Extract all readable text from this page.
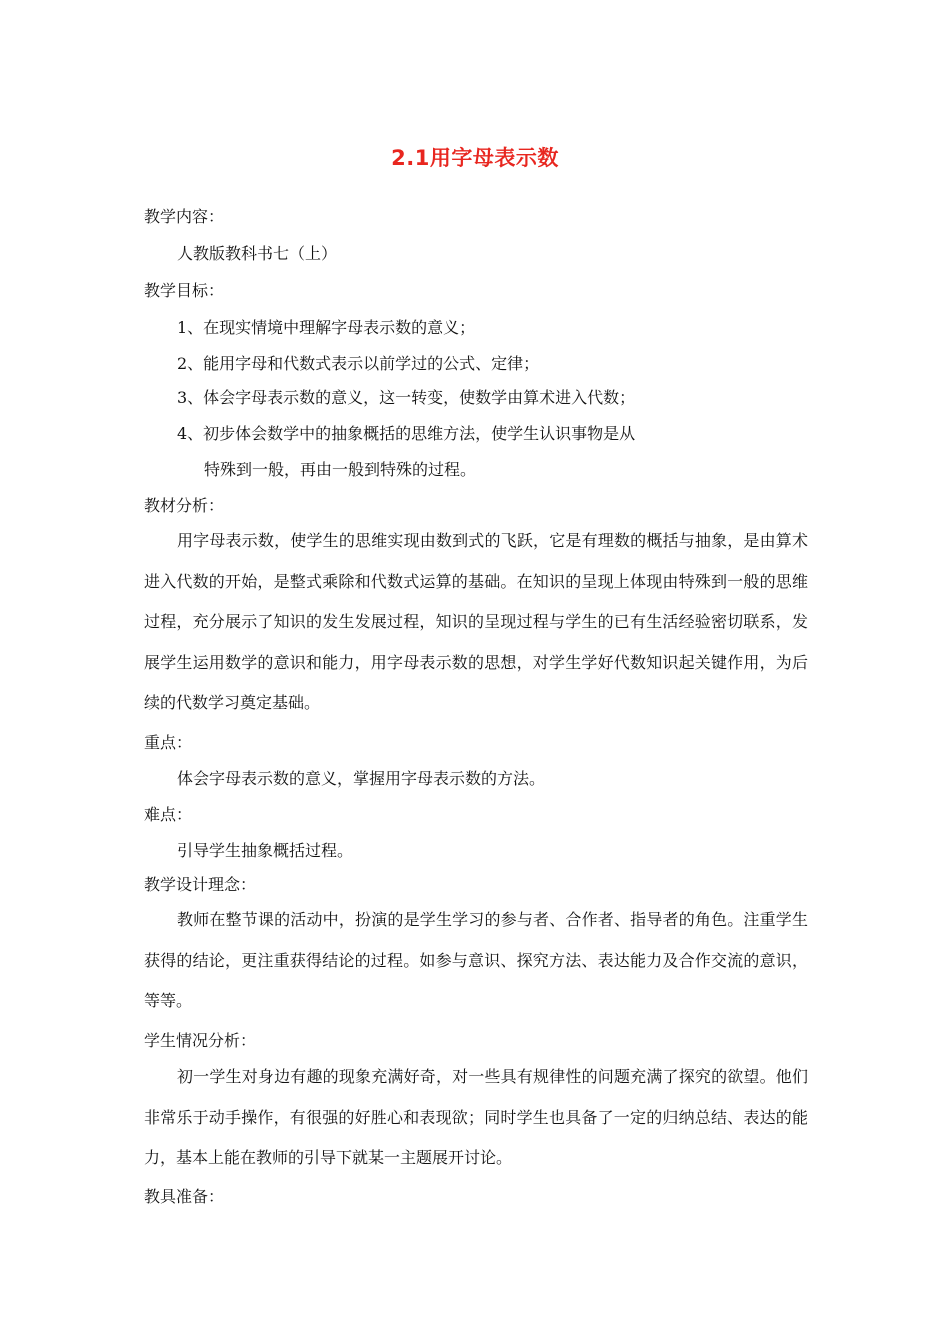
2.1用字母表示数
教学内容：
人教版教科书七（上）
教学目标：
1、在现实情境中理解字母表示数的意义；
2、能用字母和代数式表示以前学过的公式、定律；
3、体会字母表示数的意义，这一转变，使数学由算术进入代数；
4、初步体会数学中的抽象概括的思维方法，使学生认识事物是从
特殊到一般，再由一般到特殊的过程。
教材分析：
用字母表示数，使学生的思维实现由数到式的飞跃，它是有理数的概括与抽象，是由算术进入代数的开始，是整式乘除和代数式运算的基础。在知识的呈现上体现由特殊到一般的思维过程，充分展示了知识的发生发展过程，知识的呈现过程与学生的已有生活经验密切联系，发展学生运用数学的意识和能力，用字母表示数的思想，对学生学好代数知识起关键作用，为后续的代数学习奠定基础。
重点：
体会字母表示数的意义，掌握用字母表示数的方法。
难点：
引导学生抽象概括过程。
教学设计理念：
教师在整节课的活动中，扮演的是学生学习的参与者、合作者、指导者的角色。注重学生获得的结论，更注重获得结论的过程。如参与意识、探究方法、表达能力及合作交流的意识，等等。
学生情况分析：
初一学生对身边有趣的现象充满好奇，对一些具有规律性的问题充满了探究的欲望。他们非常乐于动手操作，有很强的好胜心和表现欲；同时学生也具备了一定的归纳总结、表达的能力，基本上能在教师的引导下就某一主题展开讨论。
教具准备：
